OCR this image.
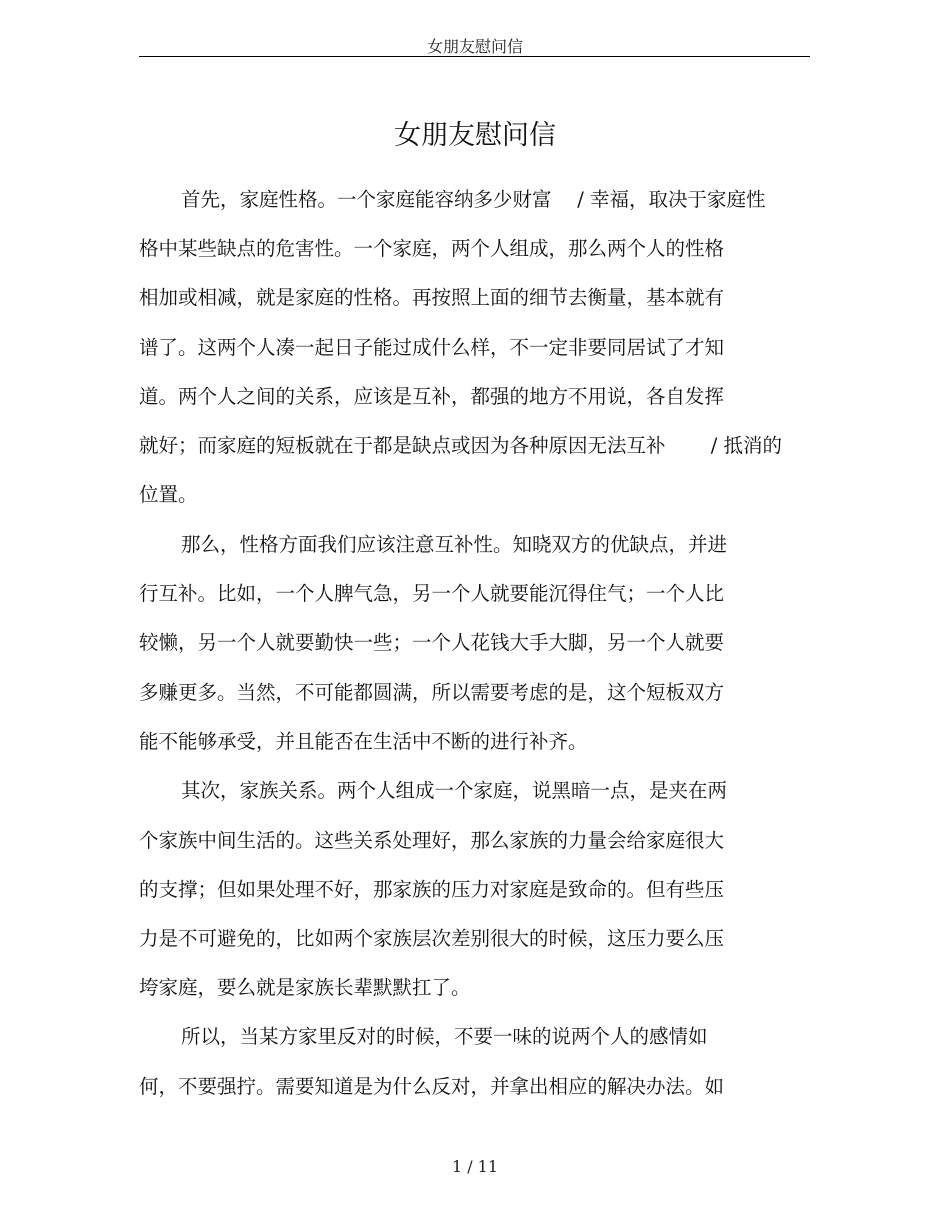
女朋友慰问信
女朋友慰问信
首先，家庭性格。一个家庭能容纳多少财富　 / 幸福，取决于家庭性
格中某些缺点的危害性。一个家庭，两个人组成，那么两个人的性格
相加或相减，就是家庭的性格。再按照上面的细节去衡量，基本就有
谱了。这两个人凑一起日子能过成什么样，不一定非要同居试了才知
道。两个人之间的关系，应该是互补，都强的地方不用说，各自发挥
就好；而家庭的短板就在于都是缺点或因为各种原因无法互补　　 / 抵消的
位置。
那么，性格方面我们应该注意互补性。知晓双方的优缺点，并进
行互补。比如，一个人脾气急，另一个人就要能沉得住气；一个人比
较懒，另一个人就要勤快一些；一个人花钱大手大脚，另一个人就要
多赚更多。当然，不可能都圆满，所以需要考虑的是，这个短板双方
能不能够承受，并且能否在生活中不断的进行补齐。
其次，家族关系。两个人组成一个家庭，说黑暗一点，是夹在两
个家族中间生活的。这些关系处理好，那么家族的力量会给家庭很大
的支撑；但如果处理不好，那家族的压力对家庭是致命的。但有些压
力是不可避免的，比如两个家族层次差别很大的时候，这压力要么压
垮家庭，要么就是家族长辈默默扛了。
所以，当某方家里反对的时候，不要一味的说两个人的感情如
何，不要强拧。需要知道是为什么反对，并拿出相应的解决办法。如
1 / 11
